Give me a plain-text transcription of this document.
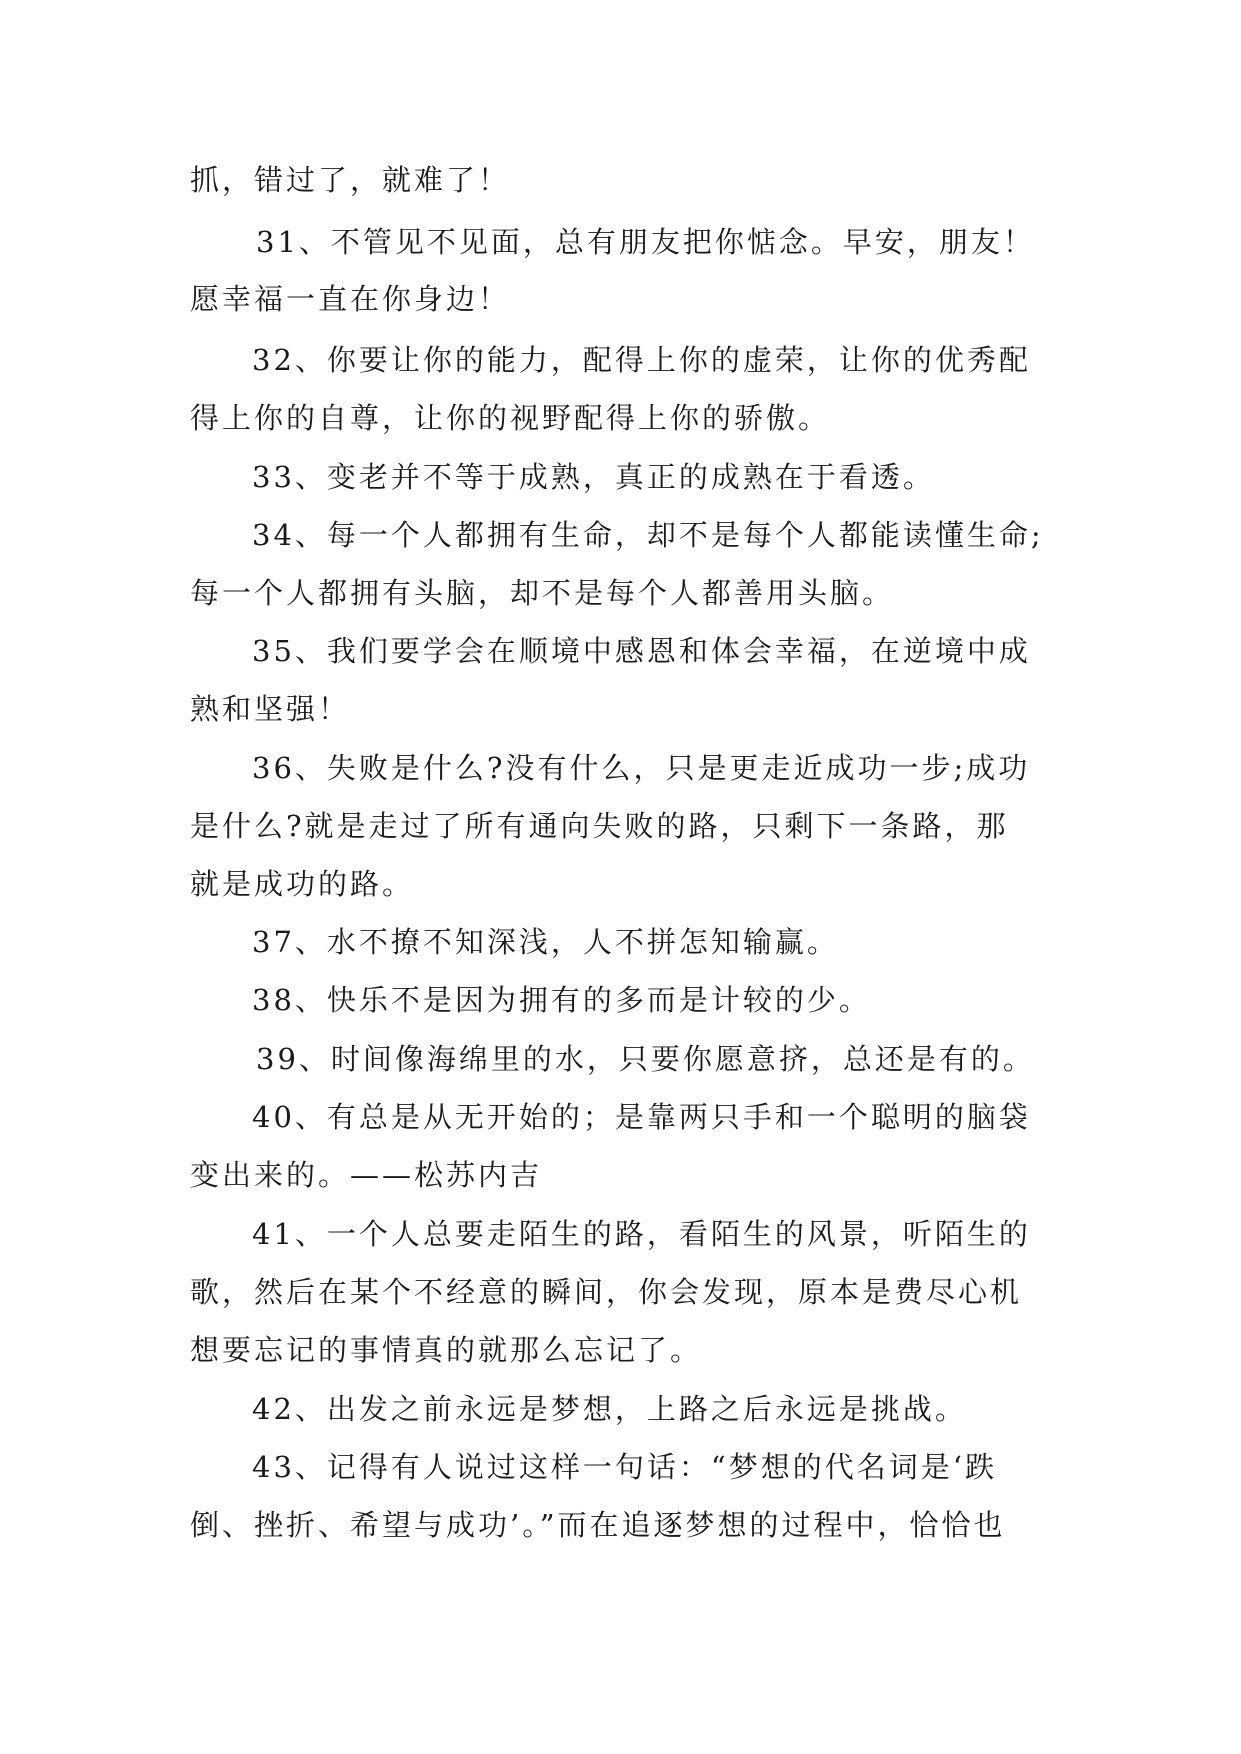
抓，错过了，就难了！
31、不管见不见面，总有朋友把你惦念。早安，朋友！
愿幸福一直在你身边！
32、你要让你的能力，配得上你的虚荣，让你的优秀配
得上你的自尊，让你的视野配得上你的骄傲。
33、变老并不等于成熟，真正的成熟在于看透。
34、每一个人都拥有生命，却不是每个人都能读懂生命;
每一个人都拥有头脑，却不是每个人都善用头脑。
35、我们要学会在顺境中感恩和体会幸福，在逆境中成
熟和坚强！
36、失败是什么?没有什么，只是更走近成功一步;成功
是什么?就是走过了所有通向失败的路，只剩下一条路，那
就是成功的路。
37、水不撩不知深浅，人不拼怎知输赢。
38、快乐不是因为拥有的多而是计较的少。
39、时间像海绵里的水，只要你愿意挤，总还是有的。
40、有总是从无开始的；是靠两只手和一个聪明的脑袋
变出来的。——松苏内吉
41、一个人总要走陌生的路，看陌生的风景，听陌生的
歌，然后在某个不经意的瞬间，你会发现，原本是费尽心机
想要忘记的事情真的就那么忘记了。
42、出发之前永远是梦想，上路之后永远是挑战。
43、记得有人说过这样一句话：“梦想的代名词是‘跌
倒、挫折、希望与成功’。”而在追逐梦想的过程中，恰恰也
